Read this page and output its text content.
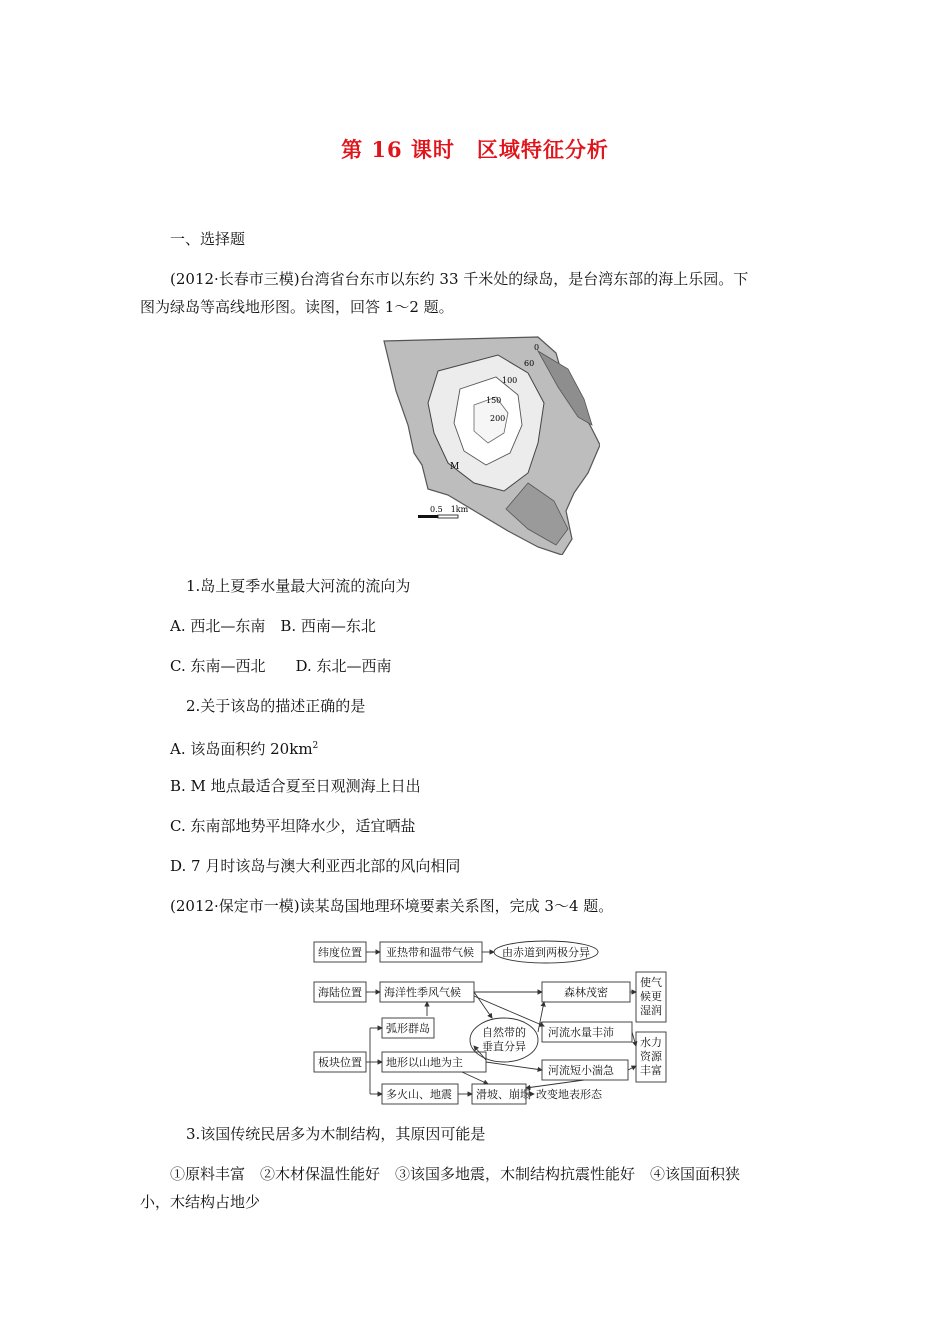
第 16 课时　区域特征分析
一、选择题
(2012·长春市三模)台湾省台东市以东约 33 千米处的绿岛，是台湾东部的海上乐园。下
图为绿岛等高线地形图。读图，回答 1～2 题。
0
60
100
150
200
M
0.5　1km
1.岛上夏季水量最大河流的流向为
A. 西北—东南　B. 西南—东北
C. 东南—西北　　D. 东北—西南
2.关于该岛的描述正确的是
A. 该岛面积约 $20km^2$
B. M 地点最适合夏至日观测海上日出
C. 东南部地势平坦降水少，适宜晒盐
D. 7 月时该岛与澳大利亚西北部的风向相同
(2012·保定市一模)读某岛国地理环境要素关系图，完成 3～4 题。
纬度位置 亚热带和温带气候	由赤道到两极分异
海陆位置 海洋性季风气候	森林茂密
使气
候更
湿润
弧形群岛	自然带的
垂直分异
河流水量丰沛
水力
资源
丰富
板块位置 地形以山地为主
河流短小湍急
多火山、地震 滑坡、崩塌 改变地表形态
3.该国传统民居多为木制结构，其原因可能是
①原料丰富　②木材保温性能好　③该国多地震，木制结构抗震性能好　④该国面积狭
小，木结构占地少
